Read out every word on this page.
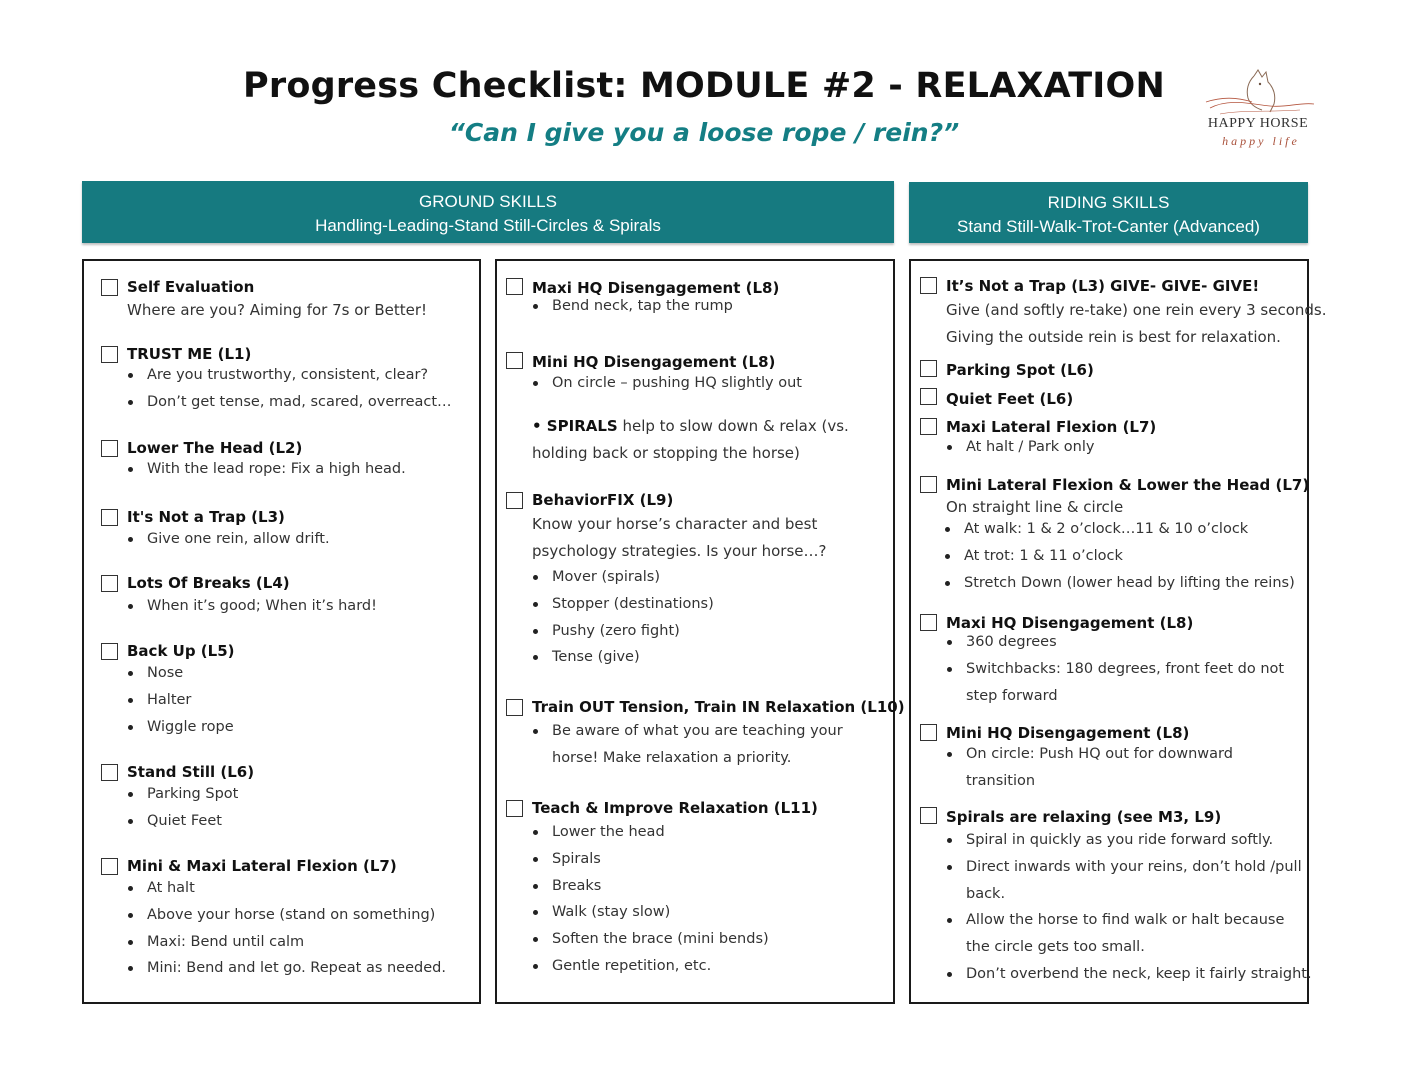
Progress Checklist: MODULE #2 - RELAXATION
“Can I give you a loose rope / rein?”	HAPPY HORSE
happy life
GROUND SKILLS
Handling-Leading-Stand Still-Circles & Spirals
RIDING SKILLS
Stand Still-Walk-Trot-Canter (Advanced)
Self Evaluation
Where are you? Aiming for 7s or Better!
TRUST ME (L1)
Are you trustworthy, consistent, clear?
Don’t get tense, mad, scared, overreact…
Lower The Head (L2)
With the lead rope: Fix a high head.
It's Not a Trap (L3)
Give one rein, allow drift.
Lots Of Breaks (L4)
When it’s good; When it’s hard!
Back Up (L5)
Nose
Halter
Wiggle rope
Stand Still (L6)
Parking Spot
Quiet Feet
Mini & Maxi Lateral Flexion (L7)
At halt
Above your horse (stand on something)
Maxi: Bend until calm
Mini: Bend and let go. Repeat as needed.
Maxi HQ Disengagement (L8)
Bend neck, tap the rump
Mini HQ Disengagement (L8)
On circle – pushing HQ slightly out
• SPIRALS help to slow down & relax (vs.
holding back or stopping the horse)
BehaviorFIX (L9)
Know your horse’s character and best
psychology strategies. Is your horse…?
Mover (spirals)
Stopper (destinations)
Pushy (zero fight)
Tense (give)
Train OUT Tension, Train IN Relaxation (L10)
Be aware of what you are teaching your
horse! Make relaxation a priority.
Teach & Improve Relaxation (L11)
Lower the head
Spirals
Breaks
Walk (stay slow)
Soften the brace (mini bends)
Gentle repetition, etc.
It’s Not a Trap (L3) GIVE- GIVE- GIVE!
Give (and softly re-take) one rein every 3 seconds.
Giving the outside rein is best for relaxation.
Parking Spot (L6)
Quiet Feet (L6)
Maxi Lateral Flexion (L7)
At halt / Park only
Mini Lateral Flexion & Lower the Head (L7)
On straight line & circle
At walk: 1 & 2 o’clock…11 & 10 o’clock
At trot: 1 & 11 o’clock
Stretch Down (lower head by lifting the reins)
Maxi HQ Disengagement (L8)
360 degrees
Switchbacks: 180 degrees, front feet do not
step forward
Mini HQ Disengagement (L8)
On circle: Push HQ out for downward
transition
Spirals are relaxing (see M3, L9)
Spiral in quickly as you ride forward softly.
Direct inwards with your reins, don’t hold /pull
back.
Allow the horse to find walk or halt because
the circle gets too small.
Don’t overbend the neck, keep it fairly straight.
